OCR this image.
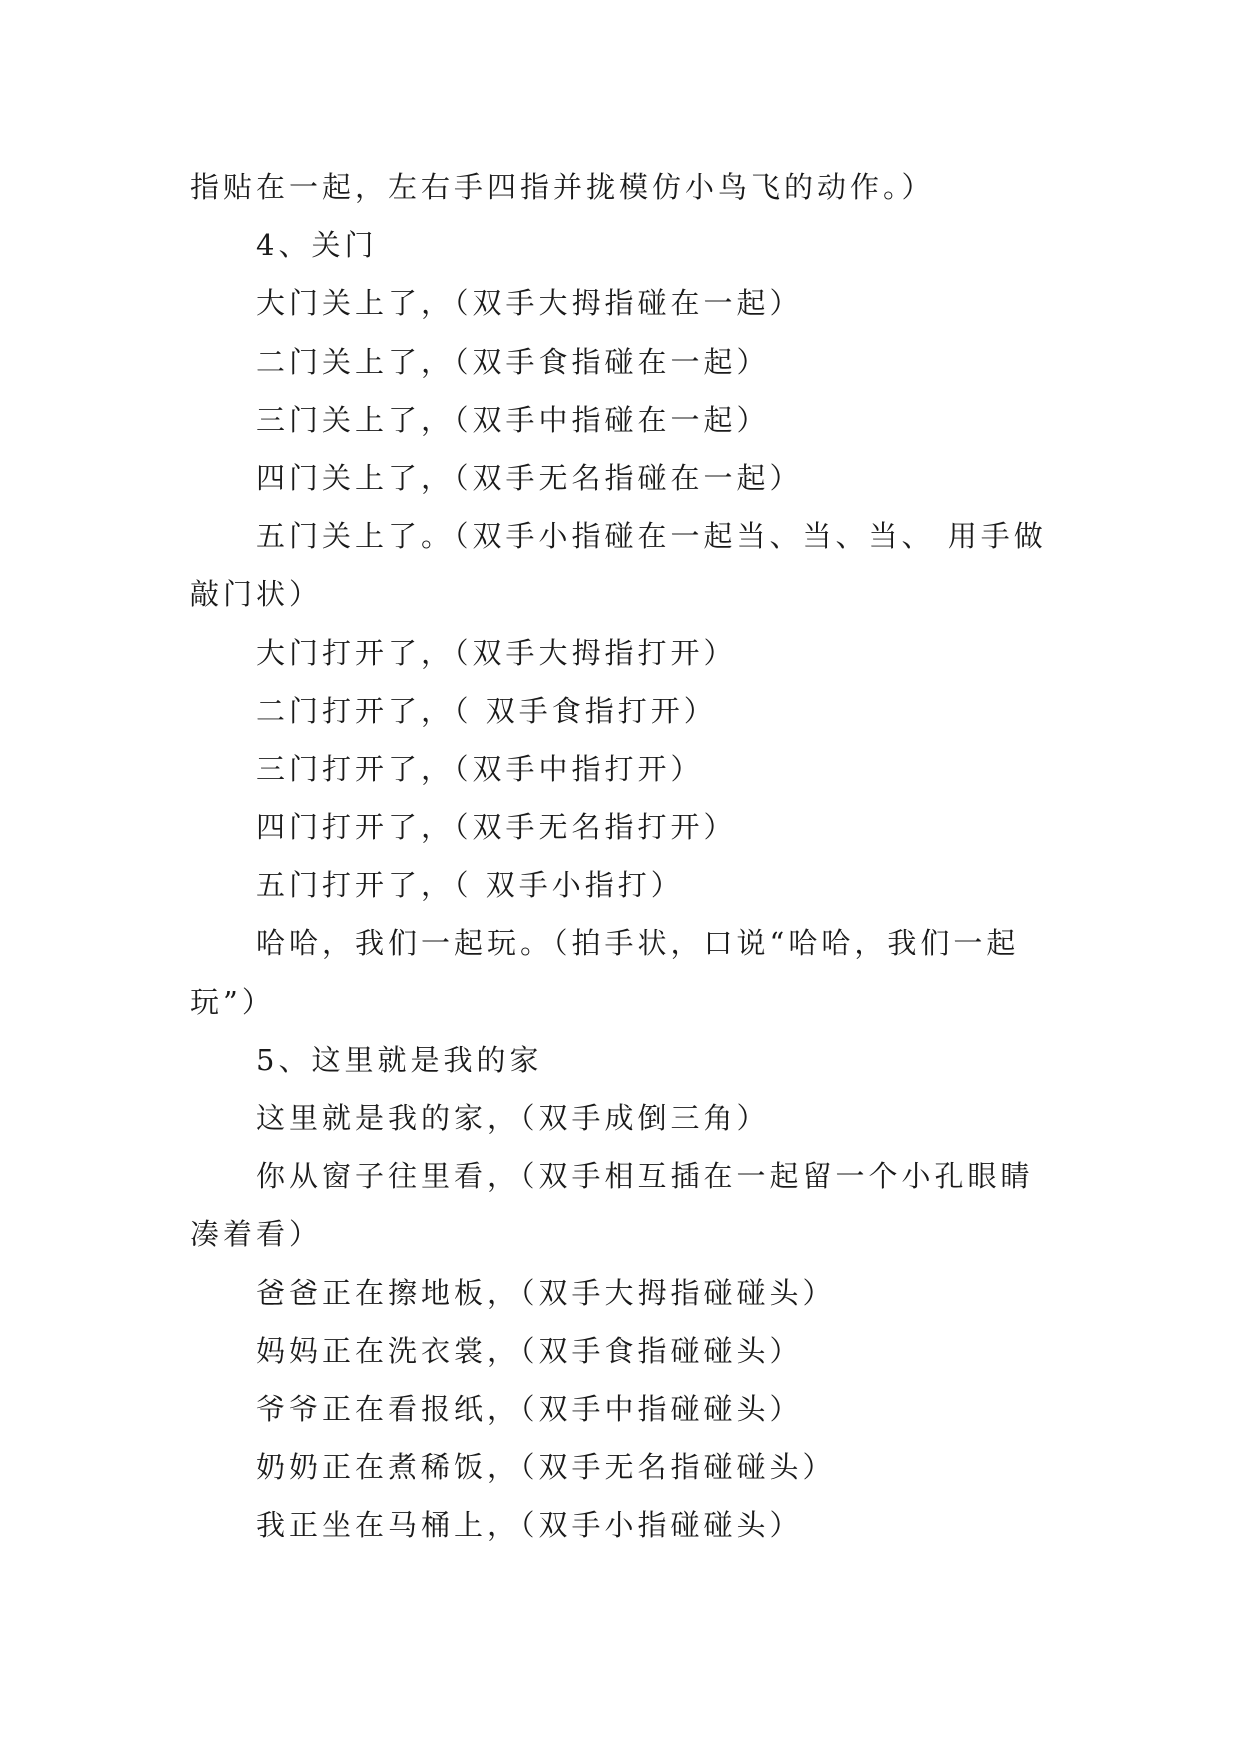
指贴在一起，左右手四指并拢模仿小鸟飞的动作。）
4、关门
大门关上了，（双手大拇指碰在一起）
二门关上了，（双手食指碰在一起）
三门关上了，（双手中指碰在一起）
四门关上了，（双手无名指碰在一起）
五门关上了。（双手小指碰在一起当、当、当、 用手做
敲门状）
大门打开了，（双手大拇指打开）
二门打开了，（ 双手食指打开）
三门打开了，（双手中指打开）
四门打开了，（双手无名指打开）
五门打开了，（ 双手小指打）
哈哈，我们一起玩。（拍手状，口说“哈哈，我们一起
玩”）
5、这里就是我的家
这里就是我的家，（双手成倒三角）
你从窗子往里看，（双手相互插在一起留一个小孔眼睛
凑着看）
爸爸正在擦地板，（双手大拇指碰碰头）
妈妈正在洗衣裳，（双手食指碰碰头）
爷爷正在看报纸，（双手中指碰碰头）
奶奶正在煮稀饭，（双手无名指碰碰头）
我正坐在马桶上，（双手小指碰碰头）
